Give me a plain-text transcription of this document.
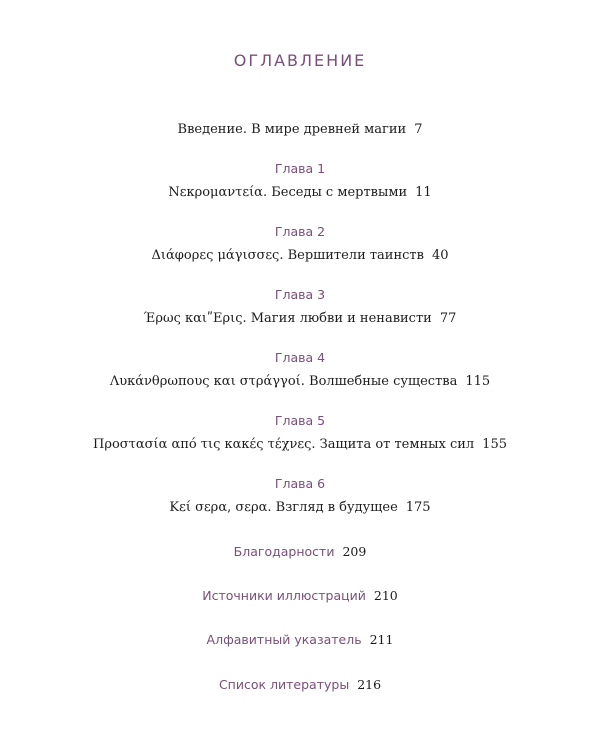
ОГЛАВЛЕНИЕ
Введение. В мире древней магии 7
Глава 1
Νεκρομαντεία. Беседы с мертвыми 11
Глава 2
Διάφορες μάγισσες. Вершители таинств 40
Глава 3
Έρως καιʺΕρις. Магия любви и ненависти 77
Глава 4
Λυκάνθρωπους και στράγγοί. Волшебные существа 115
Глава 5
Προστασία από τις κακές τέχνες. Защита от темных сил 155
Глава 6
Κεί σερα, σερα. Взгляд в будущее 175
Благодарности 209
Источники иллюстраций 210
Алфавитный указатель 211
Список литературы 216
